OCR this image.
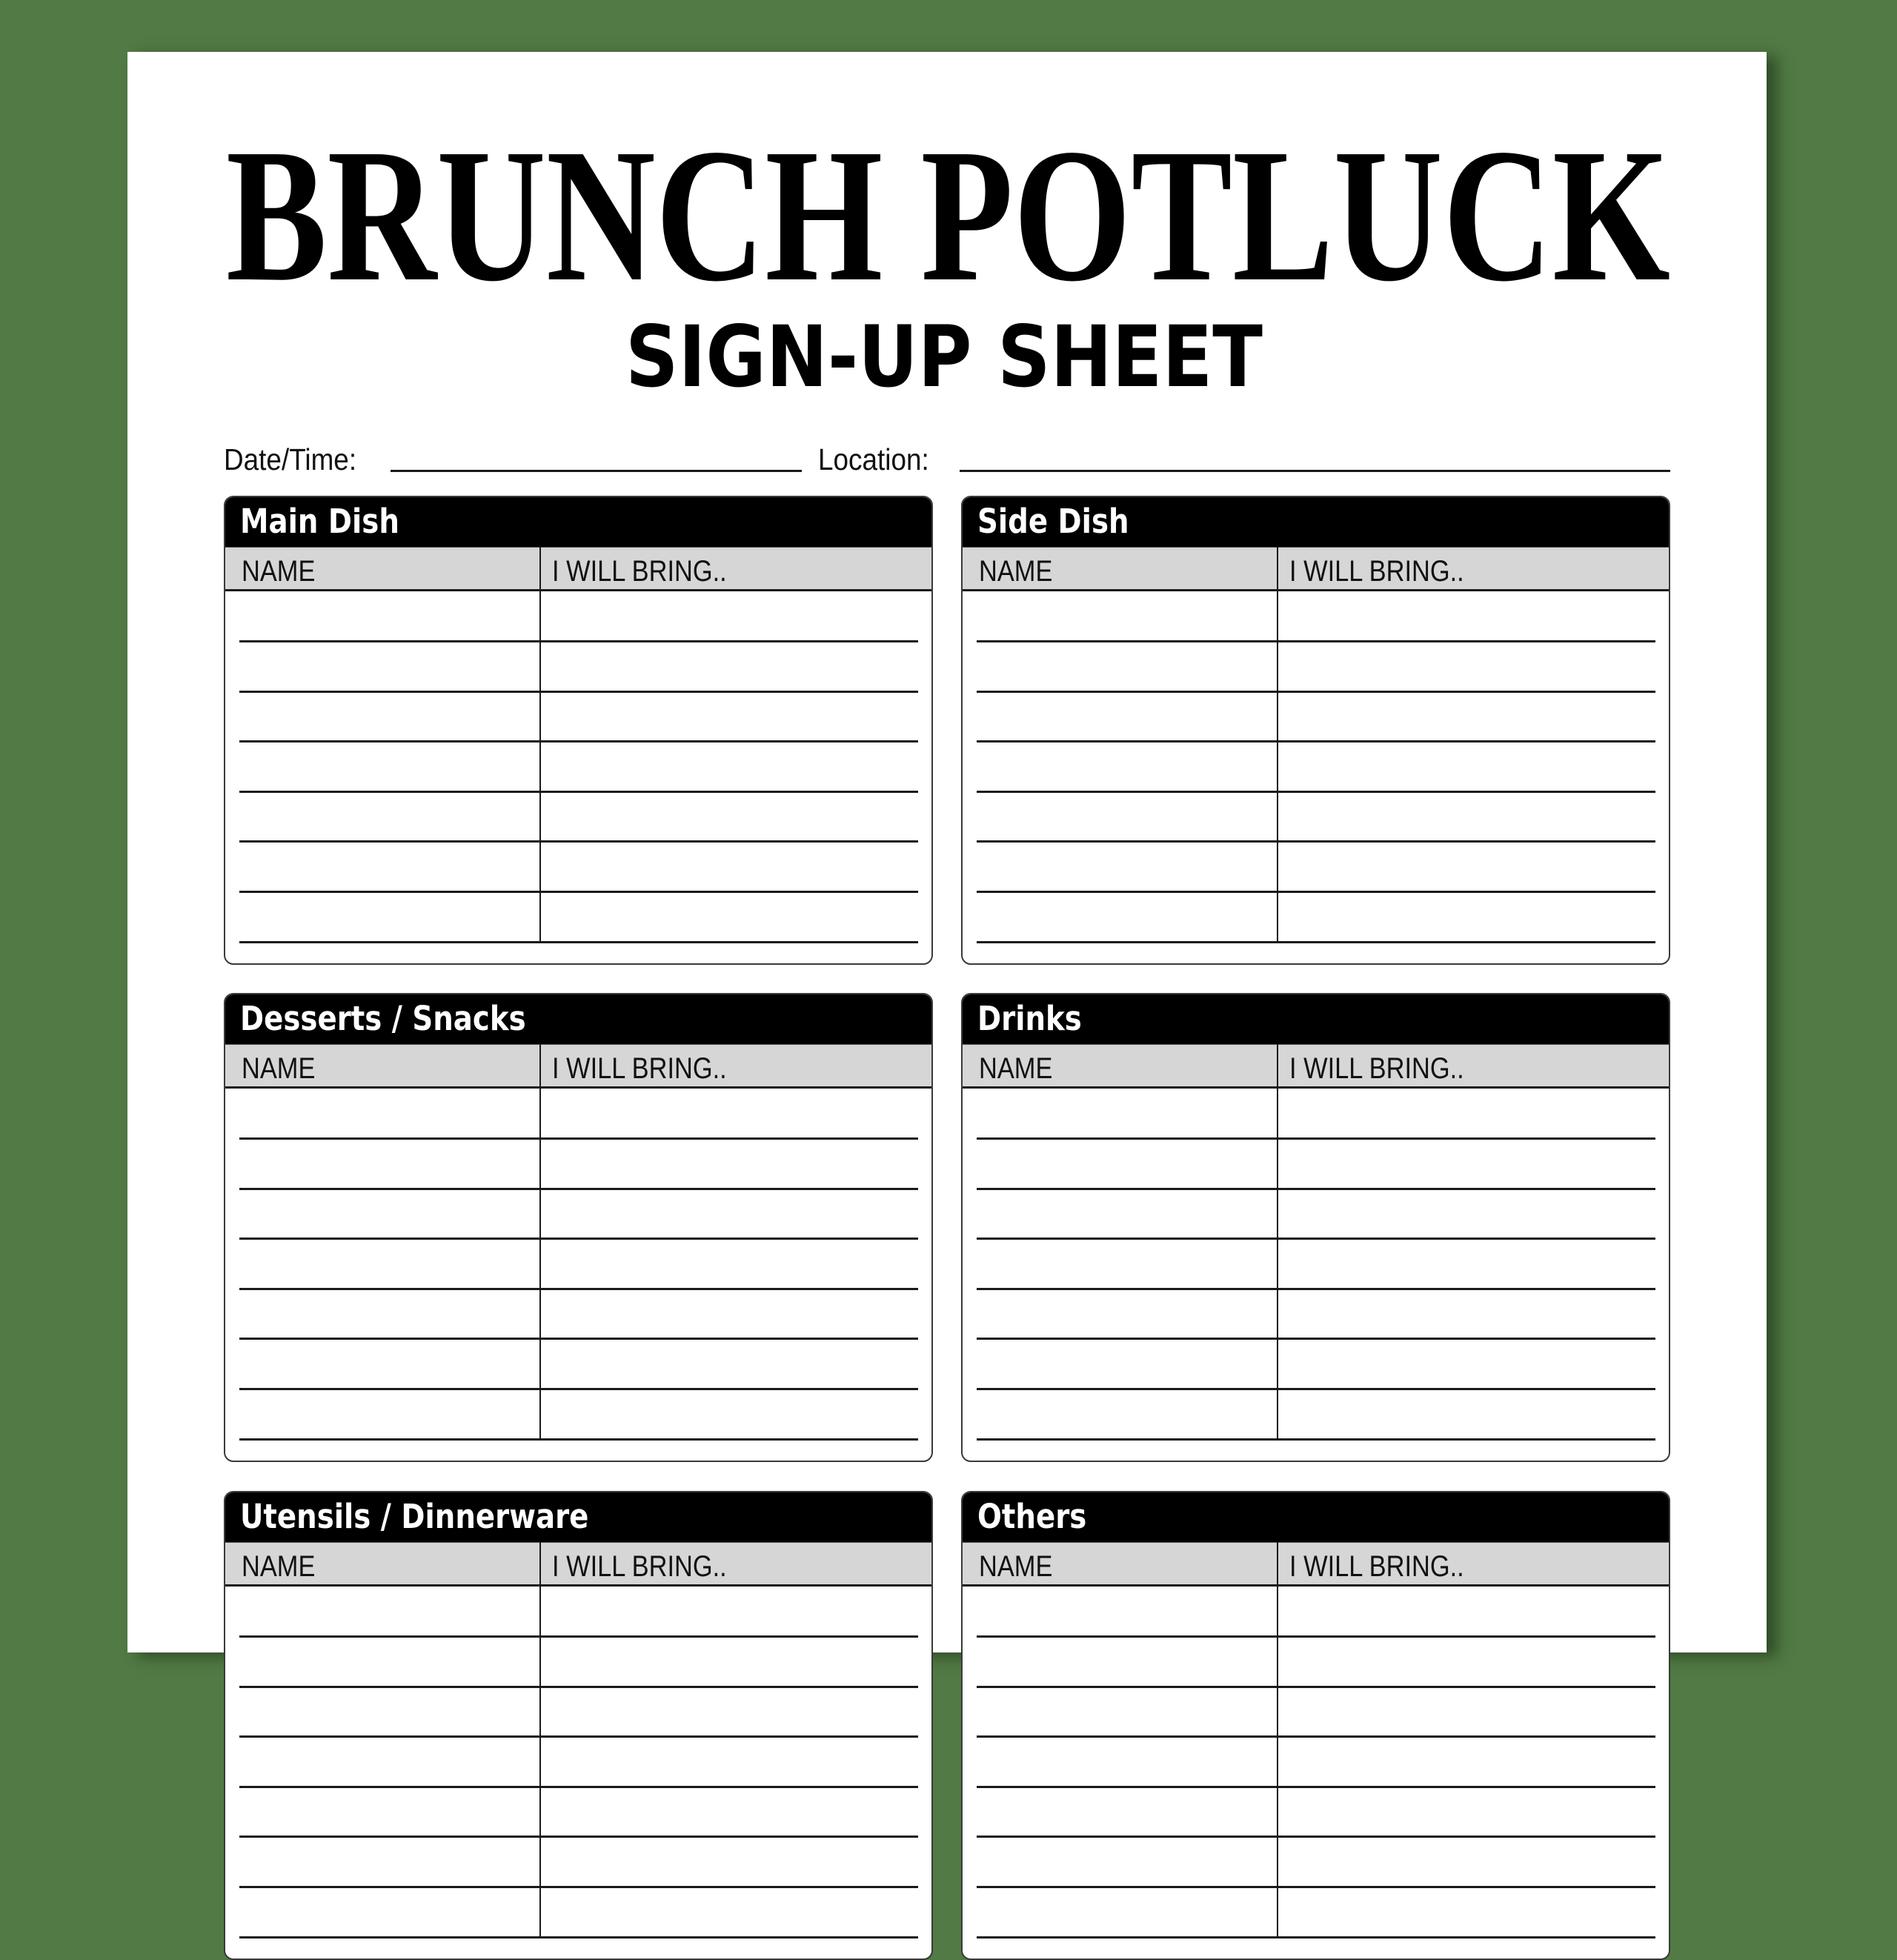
BRUNCH POTLUCK
SIGN-UP SHEET
Date/Time:	Location:
Main Dish
NAME	I WILL BRING..
Side Dish
NAME	I WILL BRING..
Desserts / Snacks
NAME	I WILL BRING..
Drinks
NAME	I WILL BRING..
Utensils / Dinnerware
NAME	I WILL BRING..
Others
NAME	I WILL BRING..
